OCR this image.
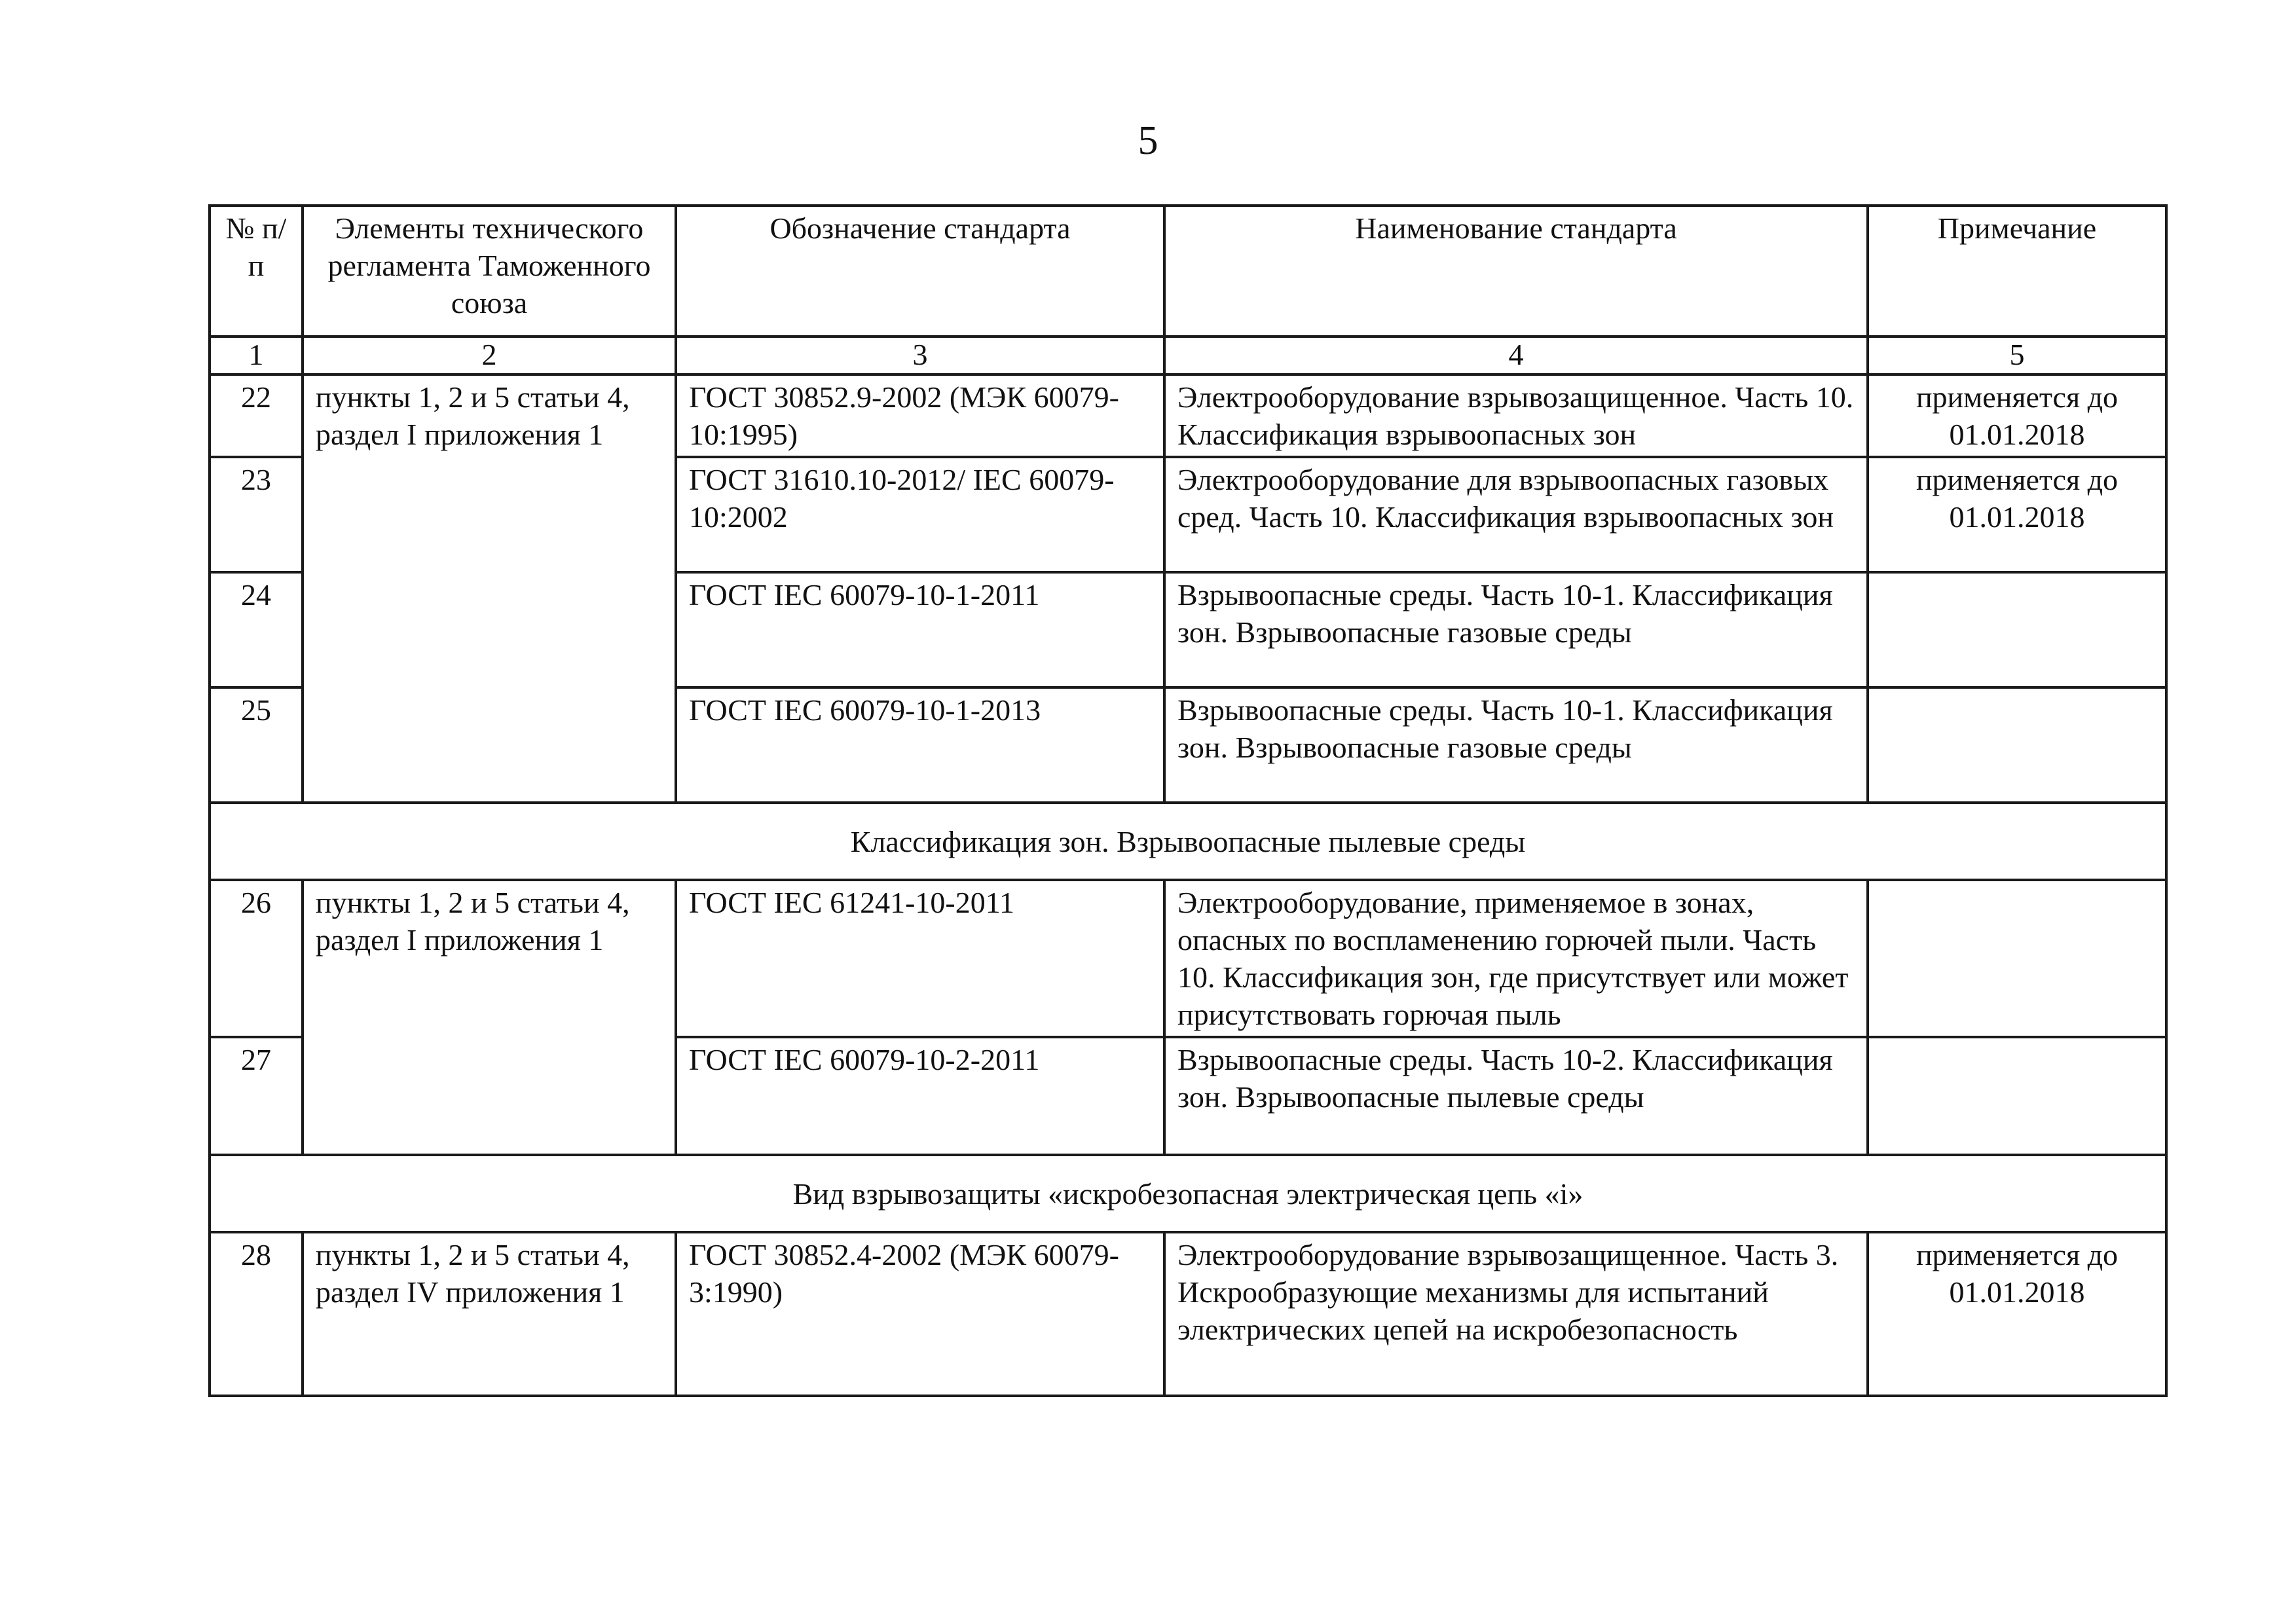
5
№ п/п	Элементы технического регламента Таможенного союза	Обозначение стандарта	Наименование стандарта	Примечание
1	2	3	4	5
22	пункты 1, 2 и 5 статьи 4, раздел I приложения 1	ГОСТ 30852.9-2002 (МЭК 60079-10:1995)	Электрооборудование взрывозащищенное. Часть 10. Классификация взрывоопасных зон	применяется до 01.01.2018
23		ГОСТ 31610.10-2012/ IEC 60079-10:2002	Электрооборудование для взрывоопасных газовых сред. Часть 10. Классификация взрывоопасных зон	применяется до 01.01.2018
24		ГОСТ IEC 60079-10-1-2011	Взрывоопасные среды. Часть 10-1. Классификация зон. Взрывоопасные газовые среды	
25		ГОСТ IEC 60079-10-1-2013	Взрывоопасные среды. Часть 10-1. Классификация зон. Взрывоопасные газовые среды	
Классификация зон. Взрывоопасные пылевые среды				
26	пункты 1, 2 и 5 статьи 4, раздел I приложения 1	ГОСТ IEC 61241-10-2011	Электрооборудование, применяемое в зонах, опасных по воспламенению горючей пыли. Часть 10. Классификация зон, где присутствует или может присутствовать горючая пыль	
27		ГОСТ IEC 60079-10-2-2011	Взрывоопасные среды. Часть 10-2. Классификация зон. Взрывоопасные пылевые среды	
Вид взрывозащиты «искробезопасная электрическая цепь «i»				
28	пункты 1, 2 и 5 статьи 4, раздел IV приложения 1	ГОСТ 30852.4-2002 (МЭК 60079-3:1990)	Электрооборудование взрывозащищенное. Часть 3. Искрообразующие механизмы для испытаний электрических цепей на искробезопасность	применяется до 01.01.2018
